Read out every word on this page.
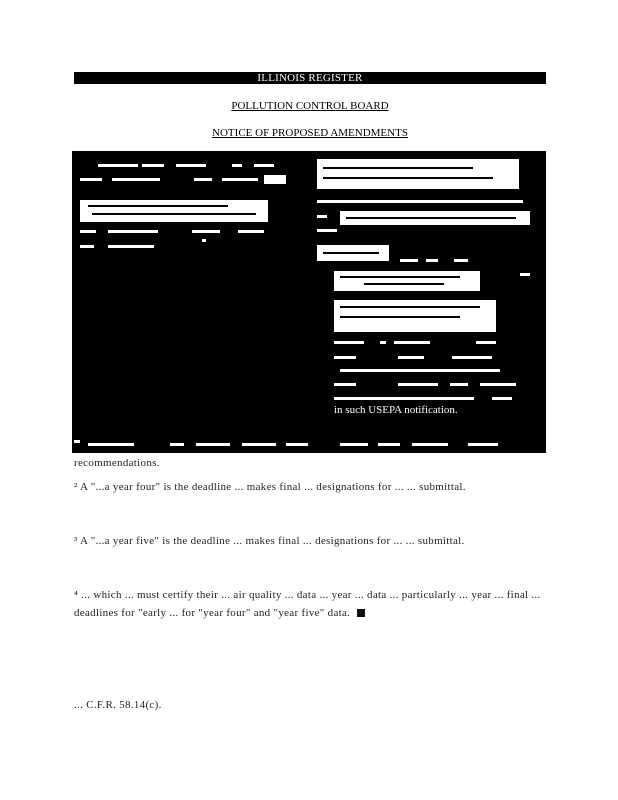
ILLINOIS REGISTER
POLLUTION CONTROL BOARD
NOTICE OF PROPOSED AMENDMENTS
in such USEPA notification.
recommendations.
² A "...a year four" is the deadline ... makes final ... designations for ... ... submittal.
³ A "...a year five" is the deadline ... makes final ... designations for ... ... submittal.
⁴ ... which ... must certify their ... air quality ... data ... year ... data ... particularly ... year ... final ... deadlines for "early ... for "year four" and "year five" data.
... C.F.R. 58.14(c).
